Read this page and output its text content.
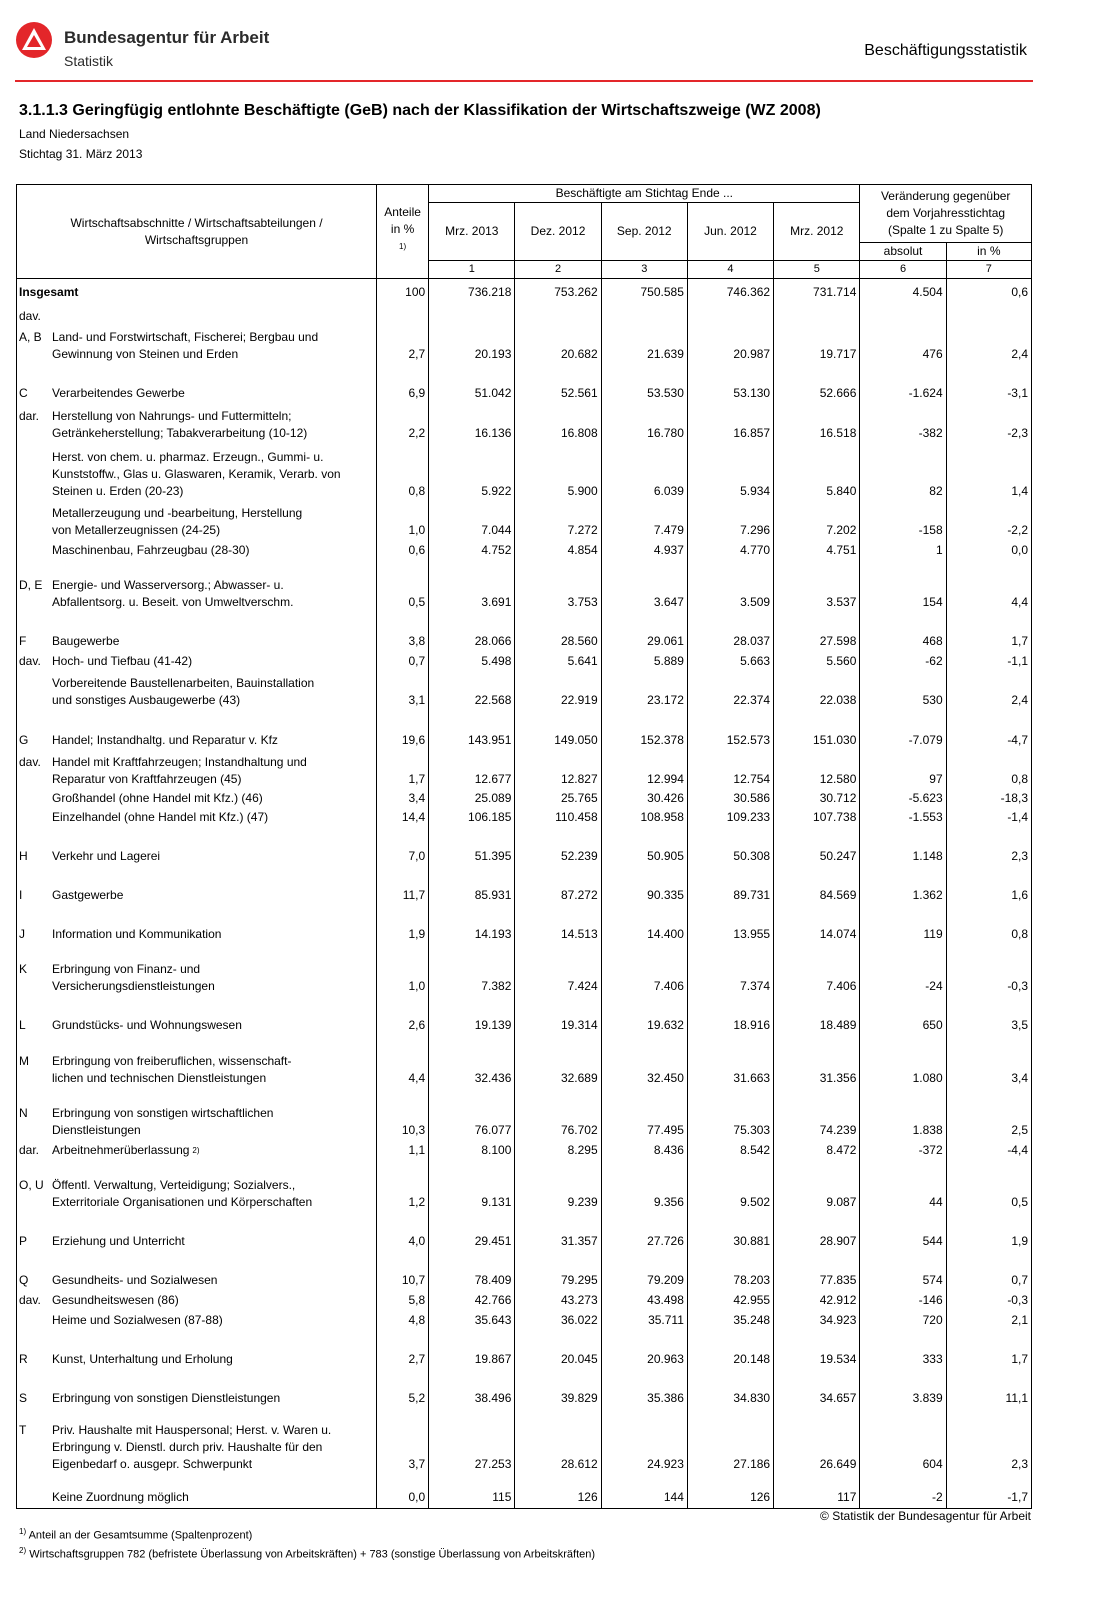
Bundesagentur für Arbeit
Statistik
Beschäftigungsstatistik
3.1.1.3 Geringfügig entlohnte Beschäftigte (GeB) nach der Klassifikation der Wirtschaftszweige (WZ 2008)
Land Niedersachsen
Stichtag 31. März 2013
Wirtschaftsabschnitte / Wirtschaftsabteilungen / Wirtschaftsgruppen	Anteile in %$^{1)}$	Beschäftigte am Stichtag Ende ...					Veränderung gegenüber dem Vorjahresstichtag (Spalte 1 zu Spalte 5)	
		Mrz. 2013	Dez. 2012	Sep. 2012	Jun. 2012	Mrz. 2012		
							absolut	in %
		1	2	3	4	5	6	7

Insgesamt	100	736.218	753.262	750.585	746.362	731.714	4.504	0,6

dav.								

A, B Land- und Forstwirtschaft, Fischerei; Bergbau und
Gewinnung von Steinen und Erden	2,7	20.193	20.682	21.639	20.987	19.717	476	2,4

C Verarbeitendes Gewerbe	6,9	51.042	52.561	53.530	53.130	52.666	-1.624	-3,1

dar. Herstellung von Nahrungs- und Futtermitteln;
Getränkeherstellung; Tabakverarbeitung (10-12)	2,2	16.136	16.808	16.780	16.857	16.518	-382	-2,3

Herst. von chem. u. pharmaz. Erzeugn., Gummi- u.
Kunststoffw., Glas u. Glaswaren, Keramik, Verarb. von
Steinen u. Erden (20-23)	0,8	5.922	5.900	6.039	5.934	5.840	82	1,4

Metallerzeugung und -bearbeitung, Herstellung
von Metallerzeugnissen (24-25)	1,0	7.044	7.272	7.479	7.296	7.202	-158	-2,2

Maschinenbau, Fahrzeugbau (28-30)	0,6	4.752	4.854	4.937	4.770	4.751	1	0,0

D, E Energie- und Wasserversorg.; Abwasser- u.
Abfallentsorg. u. Beseit. von Umweltverschm.	0,5	3.691	3.753	3.647	3.509	3.537	154	4,4

F Baugewerbe	3,8	28.066	28.560	29.061	28.037	27.598	468	1,7

dav. Hoch- und Tiefbau (41-42)	0,7	5.498	5.641	5.889	5.663	5.560	-62	-1,1

Vorbereitende Baustellenarbeiten, Bauinstallation
und sonstiges Ausbaugewerbe (43)	3,1	22.568	22.919	23.172	22.374	22.038	530	2,4

G Handel; Instandhaltg. und Reparatur v. Kfz	19,6	143.951	149.050	152.378	152.573	151.030	-7.079	-4,7

dav. Handel mit Kraftfahrzeugen; Instandhaltung und
Reparatur von Kraftfahrzeugen (45)	1,7	12.677	12.827	12.994	12.754	12.580	97	0,8

Großhandel (ohne Handel mit Kfz.) (46)	3,4	25.089	25.765	30.426	30.586	30.712	-5.623	-18,3

Einzelhandel (ohne Handel mit Kfz.) (47)	14,4	106.185	110.458	108.958	109.233	107.738	-1.553	-1,4

H Verkehr und Lagerei	7,0	51.395	52.239	50.905	50.308	50.247	1.148	2,3

I Gastgewerbe	11,7	85.931	87.272	90.335	89.731	84.569	1.362	1,6

J Information und Kommunikation	1,9	14.193	14.513	14.400	13.955	14.074	119	0,8

K Erbringung von Finanz- und
Versicherungsdienstleistungen	1,0	7.382	7.424	7.406	7.374	7.406	-24	-0,3

L Grundstücks- und Wohnungswesen	2,6	19.139	19.314	19.632	18.916	18.489	650	3,5

M Erbringung von freiberuflichen, wissenschaft-
lichen und technischen Dienstleistungen	4,4	32.436	32.689	32.450	31.663	31.356	1.080	3,4

N Erbringung von sonstigen wirtschaftlichen
Dienstleistungen	10,3	76.077	76.702	77.495	75.303	74.239	1.838	2,5

dar. Arbeitnehmerüberlassung 2)	1,1	8.100	8.295	8.436	8.542	8.472	-372	-4,4

O, U Öffentl. Verwaltung, Verteidigung; Sozialvers.,
Exterritoriale Organisationen und Körperschaften	1,2	9.131	9.239	9.356	9.502	9.087	44	0,5

P Erziehung und Unterricht	4,0	29.451	31.357	27.726	30.881	28.907	544	1,9

Q Gesundheits- und Sozialwesen	10,7	78.409	79.295	79.209	78.203	77.835	574	0,7

dav. Gesundheitswesen (86)	5,8	42.766	43.273	43.498	42.955	42.912	-146	-0,3

Heime und Sozialwesen (87-88)	4,8	35.643	36.022	35.711	35.248	34.923	720	2,1

R Kunst, Unterhaltung und Erholung	2,7	19.867	20.045	20.963	20.148	19.534	333	1,7

S Erbringung von sonstigen Dienstleistungen	5,2	38.496	39.829	35.386	34.830	34.657	3.839	11,1

T Priv. Haushalte mit Hauspersonal; Herst. v. Waren u.
Erbringung v. Dienstl. durch priv. Haushalte für den
Eigenbedarf o. ausgepr. Schwerpunkt	3,7	27.253	28.612	24.923	27.186	26.649	604	2,3

Keine Zuordnung möglich	0,0	115	126	144	126	117	-2	-1,7
© Statistik der Bundesagentur für Arbeit
$^{1)}$ Anteil an der Gesamtsumme (Spaltenprozent)
$^{2)}$ Wirtschaftsgruppen 782 (befristete Überlassung von Arbeitskräften) + 783 (sonstige Überlassung von Arbeitskräften)
